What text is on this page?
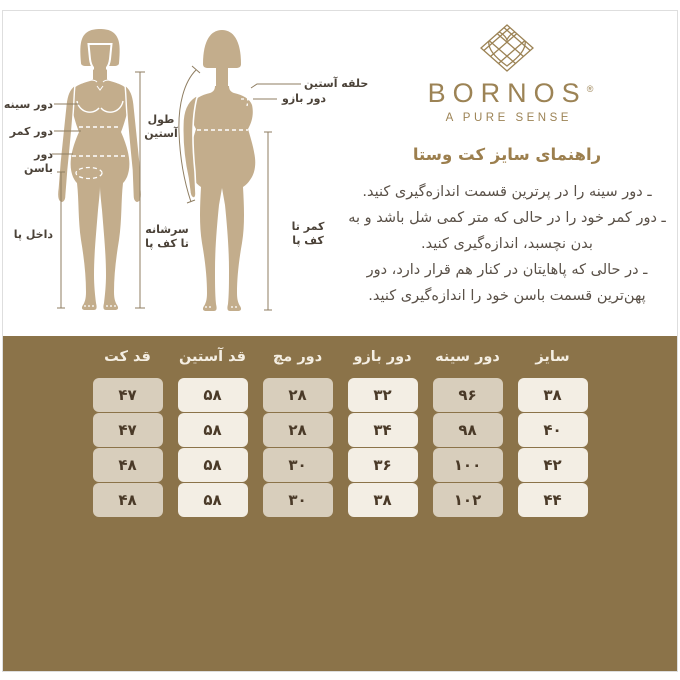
دور سینه
دور کمر
دور باسن
داخل پا	سرشانه تا کف پا
کمر تا کف پا
حلقه آستین
دور بازو
طول آستین
BORNOS®
A PURE SENSE
راهنمای سایز کت وستا

ـ دور سینه را در پرترین قسمت اندازه‌گیری کنید.

ـ دور کمر خود را در حالی که متر کمی شل باشد و به بدن نچسبد، اندازه‌گیری کنید.

ـ در حالی که پاهایتان در کنار هم قرار دارد، دور پهن‌ترین قسمت باسن خود را اندازه‌گیری کنید.

سایز
۳۸
۴۰
۴۲
۴۴
دور سینه
۹۶
۹۸
۱۰۰
۱۰۲
دور بازو
۳۲
۳۴
۳۶
۳۸
دور مچ
۲۸
۲۸
۳۰
۳۰
قد آستین
۵۸
۵۸
۵۸
۵۸
قد کت
۴۷
۴۷
۴۸
۴۸
